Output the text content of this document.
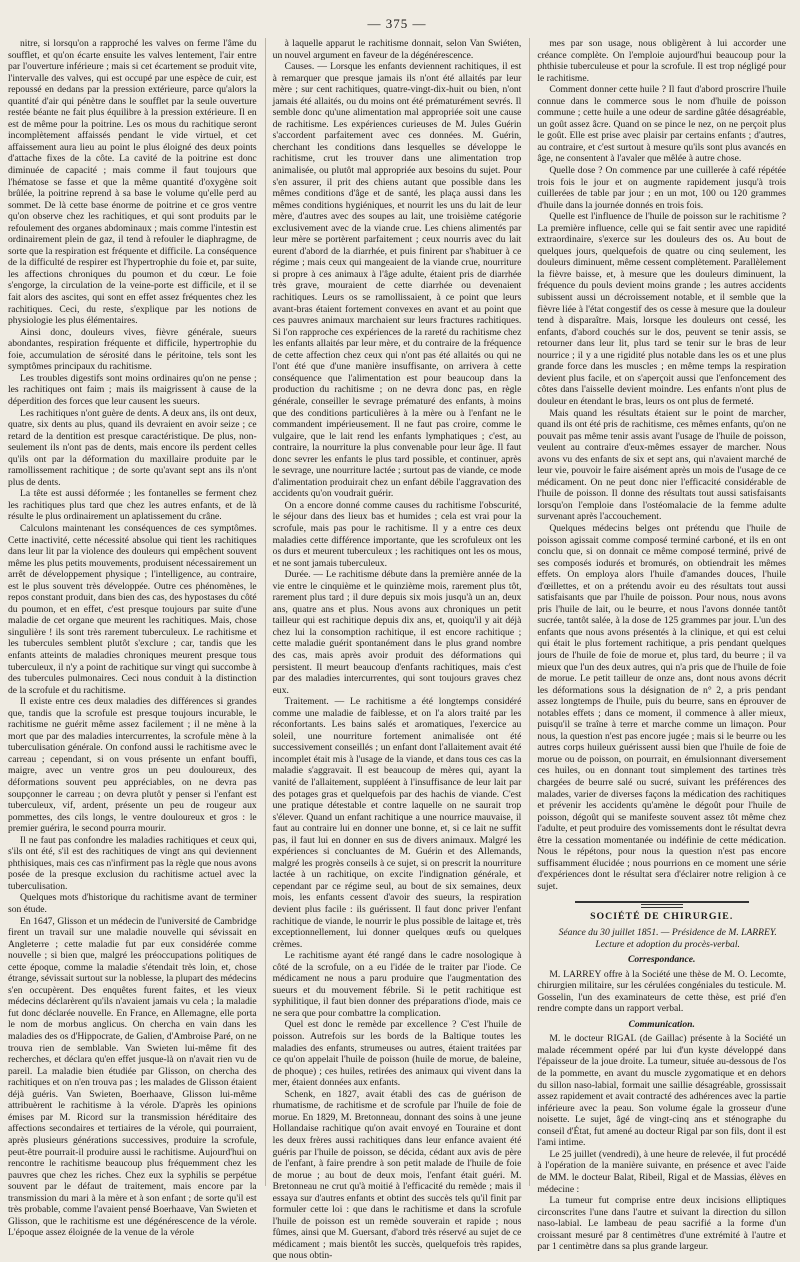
— 375 —

nitre, si lorsqu'on a rapproché les valves on ferme l'âme du soufflet, et qu'on écarte ensuite les valves lentement, l'air entre par l'ouverture inférieure ; mais si cet écartement se produit vite, l'intervalle des valves, qui est occupé par une espèce de cuir, est repoussé en dedans par la pression extérieure, parce qu'alors la quantité d'air qui pénètre dans le soufflet par la seule ouverture restée béante ne fait plus équilibre à la pression extérieure. Il en est de même pour la poitrine. Les os mous du rachitique seront incomplètement affaissés pendant le vide virtuel, et cet affaissement aura lieu au point le plus éloigné des deux points d'attache fixes de la côte. La cavité de la poitrine est donc diminuée de capacité ; mais comme il faut toujours que l'hématose se fasse et que la même quantité d'oxygène soit brûlée, la poitrine reprend à sa base le volume qu'elle perd au sommet. De là cette base énorme de poitrine et ce gros ventre qu'on observe chez les rachitiques, et qui sont produits par le refoulement des organes abdominaux ; mais comme l'intestin est ordinairement plein de gaz, il tend à refouler le diaphragme, de sorte que la respiration est fréquente et difficile. La conséquence de la difficulté de respirer est l'hypertrophie du foie et, par suite, les affections chroniques du poumon et du cœur. Le foie s'engorge, la circulation de la veine-porte est difficile, et il se fait alors des ascites, qui sont en effet assez fréquentes chez les rachitiques. Ceci, du reste, s'explique par les notions de physiologie les plus élémentaires.

Ainsi donc, douleurs vives, fièvre générale, sueurs abondantes, respiration fréquente et difficile, hypertrophie du foie, accumulation de sérosité dans le péritoine, tels sont les symptômes principaux du rachitisme.

Les troubles digestifs sont moins ordinaires qu'on ne pense ; les rachitiques ont faim ; mais ils maigrissent à cause de la déperdition des forces que leur causent les sueurs.

Les rachitiques n'ont guère de dents. A deux ans, ils ont deux, quatre, six dents au plus, quand ils devraient en avoir seize ; ce retard de la dentition est presque caractéristique. De plus, non-seulement ils n'ont pas de dents, mais encore ils perdent celles qu'ils ont par la déformation du maxillaire produite par le ramollissement rachitique ; de sorte qu'avant sept ans ils n'ont plus de dents.

La tête est aussi déformée ; les fontanelles se ferment chez les rachitiques plus tard que chez les autres enfants, et de là résulte le plus ordinairement un aplatissement du crâne.

Calculons maintenant les conséquences de ces symptômes. Cette inactivité, cette nécessité absolue qui tient les rachitiques dans leur lit par la violence des douleurs qui empêchent souvent même les plus petits mouvements, produisent nécessairement un arrêt de développement physique ; l'intelligence, au contraire, est le plus souvent très développée. Outre ces phénomènes, le repos constant produit, dans bien des cas, des hypostases du côté du poumon, et en effet, c'est presque toujours par suite d'une maladie de cet organe que meurent les rachitiques. Mais, chose singulière ! ils sont très rarement tuberculeux. Le rachitisme et les tubercules semblent plutôt s'exclure ; car, tandis que les enfants atteints de maladies chroniques meurent presque tous tuberculeux, il n'y a point de rachitique sur vingt qui succombe à des tubercules pulmonaires. Ceci nous conduit à la distinction de la scrofule et du rachitisme.

Il existe entre ces deux maladies des différences si grandes que, tandis que la scrofule est presque toujours incurable, le rachitisme ne guérit même assez facilement ; il ne mène à la mort que par des maladies intercurrentes, la scrofule mène à la tuberculisation générale. On confond aussi le rachitisme avec le carreau ; cependant, si on vous présente un enfant bouffi, maigre, avec un ventre gros un peu douloureux, des déformations souvent peu appréciables, on ne devra pas soupçonner le carreau ; on devra plutôt y penser si l'enfant est tuberculeux, vif, ardent, présente un peu de rougeur aux pommettes, des cils longs, le ventre douloureux et gros : le premier guérira, le second pourra mourir.

Il ne faut pas confondre les maladies rachitiques et ceux qui, s'ils ont été, s'il est des rachitiques de vingt ans qui deviennent phthisiques, mais ces cas n'infirment pas la règle que nous avons posée de la presque exclusion du rachitisme actuel avec la tuberculisation.

Quelques mots d'historique du rachitisme avant de terminer son étude.

En 1647, Glisson et un médecin de l'université de Cambridge firent un travail sur une maladie nouvelle qui sévissait en Angleterre ; cette maladie fut par eux considérée comme nouvelle ; si bien que, malgré les préoccupations politiques de cette époque, comme la maladie s'étendait très loin, et, chose étrange, sévissait surtout sur la noblesse, la plupart des médecins s'en occupèrent. Des enquêtes furent faites, et les vieux médecins déclarèrent qu'ils n'avaient jamais vu cela ; la maladie fut donc déclarée nouvelle. En France, en Allemagne, elle porta le nom de morbus anglicus. On chercha en vain dans les maladies des os d'Hippocrate, de Galien, d'Ambroise Paré, on ne trouva rien de semblable. Van Swieten lui-même fit des recherches, et déclara qu'en effet jusque-là on n'avait rien vu de pareil. La maladie bien étudiée par Glisson, on chercha des rachitiques et on n'en trouva pas ; les malades de Glisson étaient déjà guéris. Van Swieten, Boerhaave, Glisson lui-même attribuèrent le rachitisme à la vérole. D'après les opinions émises par M. Ricord sur la transmission héréditaire des affections secondaires et tertiaires de la vérole, qui pourraient, après plusieurs générations successives, produire la scrofule, peut-être pourrait-il produire aussi le rachitisme. Aujourd'hui on rencontre le rachitisme beaucoup plus fréquemment chez les pauvres que chez les riches. Chez eux la syphilis se perpétue souvent par le défaut de traitement, mais encore par la transmission du mari à la mère et à son enfant ; de sorte qu'il est très probable, comme l'avaient pensé Boerhaave, Van Swieten et Glisson, que le rachitisme est une dégénérescence de la vérole. L'époque assez éloignée de la venue de la vérole

à laquelle apparut le rachitisme donnait, selon Van Swiéten, un nouvel argument en faveur de la dégénérescence.

Causes. — Lorsque les enfants deviennent rachitiques, il est à remarquer que presque jamais ils n'ont été allaités par leur mère ; sur cent rachitiques, quatre-vingt-dix-huit ou bien, n'ont jamais été allaités, ou du moins ont été prématurément sevrés. Il semble donc qu'une alimentation mal appropriée soit une cause de rachitisme. Les expériences curieuses de M. Jules Guérin s'accordent parfaitement avec ces données. M. Guérin, cherchant les conditions dans lesquelles se développe le rachitisme, crut les trouver dans une alimentation trop animalisée, ou plutôt mal appropriée aux besoins du sujet. Pour s'en assurer, il prit des chiens autant que possible dans les mêmes conditions d'âge et de santé, les plaça aussi dans les mêmes conditions hygiéniques, et nourrit les uns du lait de leur mère, d'autres avec des soupes au lait, une troisième catégorie exclusivement avec de la viande crue. Les chiens alimentés par leur mère se portèrent parfaitement ; ceux nourris avec du lait eurent d'abord de la diarrhée, et puis finirent par s'habituer à ce régime ; mais ceux qui mangeaient de la viande crue, nourriture si propre à ces animaux à l'âge adulte, étaient pris de diarrhée très grave, mouraient de cette diarrhée ou devenaient rachitiques. Leurs os se ramollissaient, à ce point que leurs avant-bras étaient fortement convexes en avant et au point que ces pauvres animaux marchaient sur leurs fractures rachitiques. Si l'on rapproche ces expériences de la rareté du rachitisme chez les enfants allaités par leur mère, et du contraire de la fréquence de cette affection chez ceux qui n'ont pas été allaités ou qui ne l'ont été que d'une manière insuffisante, on arrivera à cette conséquence que l'alimentation est pour beaucoup dans la production du rachitisme ; on ne devra donc pas, en règle générale, conseiller le sevrage prématuré des enfants, à moins que des conditions particulières à la mère ou à l'enfant ne le commandent impérieusement. Il ne faut pas croire, comme le vulgaire, que le lait rend les enfants lymphatiques ; c'est, au contraire, la nourriture la plus convenable pour leur âge. Il faut donc sevrer les enfants le plus tard possible, et continuer, après le sevrage, une nourriture lactée ; surtout pas de viande, ce mode d'alimentation produirait chez un enfant débile l'aggravation des accidents qu'on voudrait guérir.

On a encore donné comme causes du rachitisme l'obscurité, le séjour dans des lieux bas et humides ; cela est vrai pour la scrofule, mais pas pour le rachitisme. Il y a entre ces deux maladies cette différence importante, que les scrofuleux ont les os durs et meurent tuberculeux ; les rachitiques ont les os mous, et ne sont jamais tuberculeux.

Durée. — Le rachitisme débute dans la première année de la vie entre le cinquième et le quinzième mois, rarement plus tôt, rarement plus tard ; il dure depuis six mois jusqu'à un an, deux ans, quatre ans et plus. Nous avons aux chroniques un petit tailleur qui est rachitique depuis dix ans, et, quoiqu'il y ait déjà chez lui la consomption rachitique, il est encore rachitique ; cette maladie guérit spontanément dans le plus grand nombre des cas, mais après avoir produit des déformations qui persistent. Il meurt beaucoup d'enfants rachitiques, mais c'est par des maladies intercurrentes, qui sont toujours graves chez eux.

Traitement. — Le rachitisme a été longtemps considéré comme une maladie de faiblesse, et on l'a alors traité par les réconfortants. Les bains salés et aromatiques, l'exercice au soleil, une nourriture fortement animalisée ont été successivement conseillés ; un enfant dont l'allaitement avait été incomplet était mis à l'usage de la viande, et dans tous ces cas la maladie s'aggravait. Il est beaucoup de mères qui, ayant la vanité de l'allaitement, suppléent à l'insuffisance de leur lait par des potages gras et quelquefois par des hachis de viande. C'est une pratique détestable et contre laquelle on ne saurait trop s'élever. Quand un enfant rachitique a une nourrice mauvaise, il faut au contraire lui en donner une bonne, et, si ce lait ne suffit pas, il faut lui en donner en sus de divers animaux. Malgré les expériences si concluantes de M. Guérin et des Allemands, malgré les progrès conseils à ce sujet, si on prescrit la nourriture lactée à un rachitique, on excite l'indignation générale, et cependant par ce régime seul, au bout de six semaines, deux mois, les enfants cessent d'avoir des sueurs, la respiration devient plus facile : ils guérissent. Il faut donc priver l'enfant rachitique de viande, le nourrir le plus possible de laitage et, très exceptionnellement, lui donner quelques œufs ou quelques crèmes.

Le rachitisme ayant été rangé dans le cadre nosologique à côté de la scrofule, on a eu l'idée de le traiter par l'iode. Ce médicament ne nous a paru produire que l'augmentation des sueurs et du mouvement fébrile. Si le petit rachitique est syphilitique, il faut bien donner des préparations d'iode, mais ce ne sera que pour combattre la complication.

Quel est donc le remède par excellence ? C'est l'huile de poisson. Autrefois sur les bords de la Baltique toutes les maladies des enfants, strumeuses ou autres, étaient traitées par ce qu'on appelait l'huile de poisson (huile de morue, de baleine, de phoque) ; ces huiles, retirées des animaux qui vivent dans la mer, étaient données aux enfants.

Schenk, en 1827, avait établi des cas de guérison de rhumatisme, de rachitisme et de scrofule par l'huile de foie de morue. En 1829, M. Bretonneau, donnant des soins à une jeune Hollandaise rachitique qu'on avait envoyé en Touraine et dont les deux frères aussi rachitiques dans leur enfance avaient été guéris par l'huile de poisson, se décida, cédant aux avis de père de l'enfant, à faire prendre à son petit malade de l'huile de foie de morue ; au bout de deux mois, l'enfant était guéri. M. Bretonneau ne crut qu'à moitié à l'efficacité du remède ; mais il essaya sur d'autres enfants et obtint des succès tels qu'il finit par formuler cette loi : que dans le rachitisme et dans la scrofule l'huile de poisson est un remède souverain et rapide ; nous fûmes, ainsi que M. Guersant, d'abord très réservé au sujet de ce médicament ; mais bientôt les succès, quelquefois très rapides, que nous obtin-

mes par son usage, nous obligèrent à lui accorder une créance complète. On l'emploie aujourd'hui beaucoup pour la phthisie tuberculeuse et pour la scrofule. Il est trop négligé pour le rachitisme.

Comment donner cette huile ? Il faut d'abord proscrire l'huile connue dans le commerce sous le nom d'huile de poisson commune ; cette huile a une odeur de sardine gâtée désagréable, un goût assez âcre. Quand on se pince le nez, on ne perçoit plus le goût. Elle est prise avec plaisir par certains enfants ; d'autres, au contraire, et c'est surtout à mesure qu'ils sont plus avancés en âge, ne consentent à l'avaler que mêlée à autre chose.

Quelle dose ? On commence par une cuillerée à café répétée trois fois le jour et on augmente rapidement jusqu'à trois cuillerées de table par jour ; en un mot, 100 ou 120 grammes d'huile dans la journée donnés en trois fois.

Quelle est l'influence de l'huile de poisson sur le rachitisme ? La première influence, celle qui se fait sentir avec une rapidité extraordinaire, s'exerce sur les douleurs des os. Au bout de quelques jours, quelquefois de quatre ou cinq seulement, les douleurs diminuent, même cessent complètement. Parallèlement la fièvre baisse, et, à mesure que les douleurs diminuent, la fréquence du pouls devient moins grande ; les autres accidents subissent aussi un décroissement notable, et il semble que la fièvre liée à l'état congestif des os cesse à mesure que la douleur tend à disparaître. Mais, lorsque les douleurs ont cessé, les enfants, d'abord couchés sur le dos, peuvent se tenir assis, se retourner dans leur lit, plus tard se tenir sur le bras de leur nourrice ; il y a une rigidité plus notable dans les os et une plus grande force dans les muscles ; en même temps la respiration devient plus facile, et on s'aperçoit aussi que l'enfoncement des côtes dans l'aisselle devient moindre. Les enfants n'ont plus de douleur en étendant le bras, leurs os ont plus de fermeté.

Mais quand les résultats étaient sur le point de marcher, quand ils ont été pris de rachitisme, ces mêmes enfants, qu'on ne pouvait pas même tenir assis avant l'usage de l'huile de poisson, veulent au contraire d'eux-mêmes essayer de marcher. Nous avons vu des enfants de six et sept ans, qui n'avaient marché de leur vie, pouvoir le faire aisément après un mois de l'usage de ce médicament. On ne peut donc nier l'efficacité considérable de l'huile de poisson. Il donne des résultats tout aussi satisfaisants lorsqu'on l'emploie dans l'ostéomalacie de la femme adulte survenant après l'accouchement.

Quelques médecins belges ont prétendu que l'huile de poisson agissait comme composé terminé carboné, et ils en ont conclu que, si on donnait ce même composé terminé, privé de ses composés iodurés et bromurés, on obtiendrait les mêmes effets. On employa alors l'huile d'amandes douces, l'huile d'œillettes, et on a prétendu avoir eu des résultats tout aussi satisfaisants que par l'huile de poisson. Pour nous, nous avons pris l'huile de lait, ou le beurre, et nous l'avons donnée tantôt sucrée, tantôt salée, à la dose de 125 grammes par jour. L'un des enfants que nous avons présentés à la clinique, et qui est celui qui était le plus fortement rachitique, a pris pendant quelques jours de l'huile de foie de morue et, plus tard, du beurre ; il va mieux que l'un des deux autres, qui n'a pris que de l'huile de foie de morue. Le petit tailleur de onze ans, dont nous avons décrit les déformations sous la désignation de n° 2, a pris pendant assez longtemps de l'huile, puis du beurre, sans en éprouver de notables effets ; dans ce moment, il commence à aller mieux, puisqu'il se traîne à terre et marche comme un limaçon. Pour nous, la question n'est pas encore jugée ; mais si le beurre ou les autres corps huileux guérissent aussi bien que l'huile de foie de morue ou de poisson, on pourrait, en émulsionnant diversement ces huiles, ou en donnant tout simplement des tartines très chargées de beurre salé ou sucré, suivant les préférences des malades, varier de diverses façons la médication des rachitiques et prévenir les accidents qu'amène le dégoût pour l'huile de poisson, dégoût qui se manifeste souvent assez tôt même chez l'adulte, et peut produire des vomissements dont le résultat devra être la cessation momentanée ou indéfinie de cette médication. Nous le répétons, pour nous la question n'est pas encore suffisamment élucidée ; nous pourrions en ce moment une série d'expériences dont le résultat sera d'éclairer notre religion à ce sujet.

SOCIÉTÉ DE CHIRURGIE.

Séance du 30 juillet 1851. — Présidence de M. LARREY.

Lecture et adoption du procès-verbal.

Correspondance.

M. LARREY offre à la Société une thèse de M. O. Lecomte, chirurgien militaire, sur les cérulées congéniales du testicule. M. Gosselin, l'un des examinateurs de cette thèse, est prié d'en rendre compte dans un rapport verbal.

Communication.

M. le docteur RIGAL (de Gaillac) présente à la Société un malade récemment opéré par lui d'un kyste développé dans l'épaisseur de la joue droite. La tumeur, située au-dessous de l'os de la pommette, en avant du muscle zygomatique et en dehors du sillon naso-labial, formait une saillie désagréable, grossissait assez rapidement et avait contracté des adhérences avec la partie inférieure avec la peau. Son volume égale la grosseur d'une noisette. Le sujet, âgé de vingt-cinq ans et sténographe du conseil d'État, fut amené au docteur Rigal par son fils, dont il est l'ami intime.

Le 25 juillet (vendredi), à une heure de relevée, il fut procédé à l'opération de la manière suivante, en présence et avec l'aide de MM. le docteur Balat, Ribeil, Rigal et de Massias, élèves en médecine :

La tumeur fut comprise entre deux incisions elliptiques circonscrites l'une dans l'autre et suivant la direction du sillon naso-labial. Le lambeau de peau sacrifié a la forme d'un croissant mesuré par 8 centimètres d'une extrémité à l'autre et par 1 centimètre dans sa plus grande largeur.
